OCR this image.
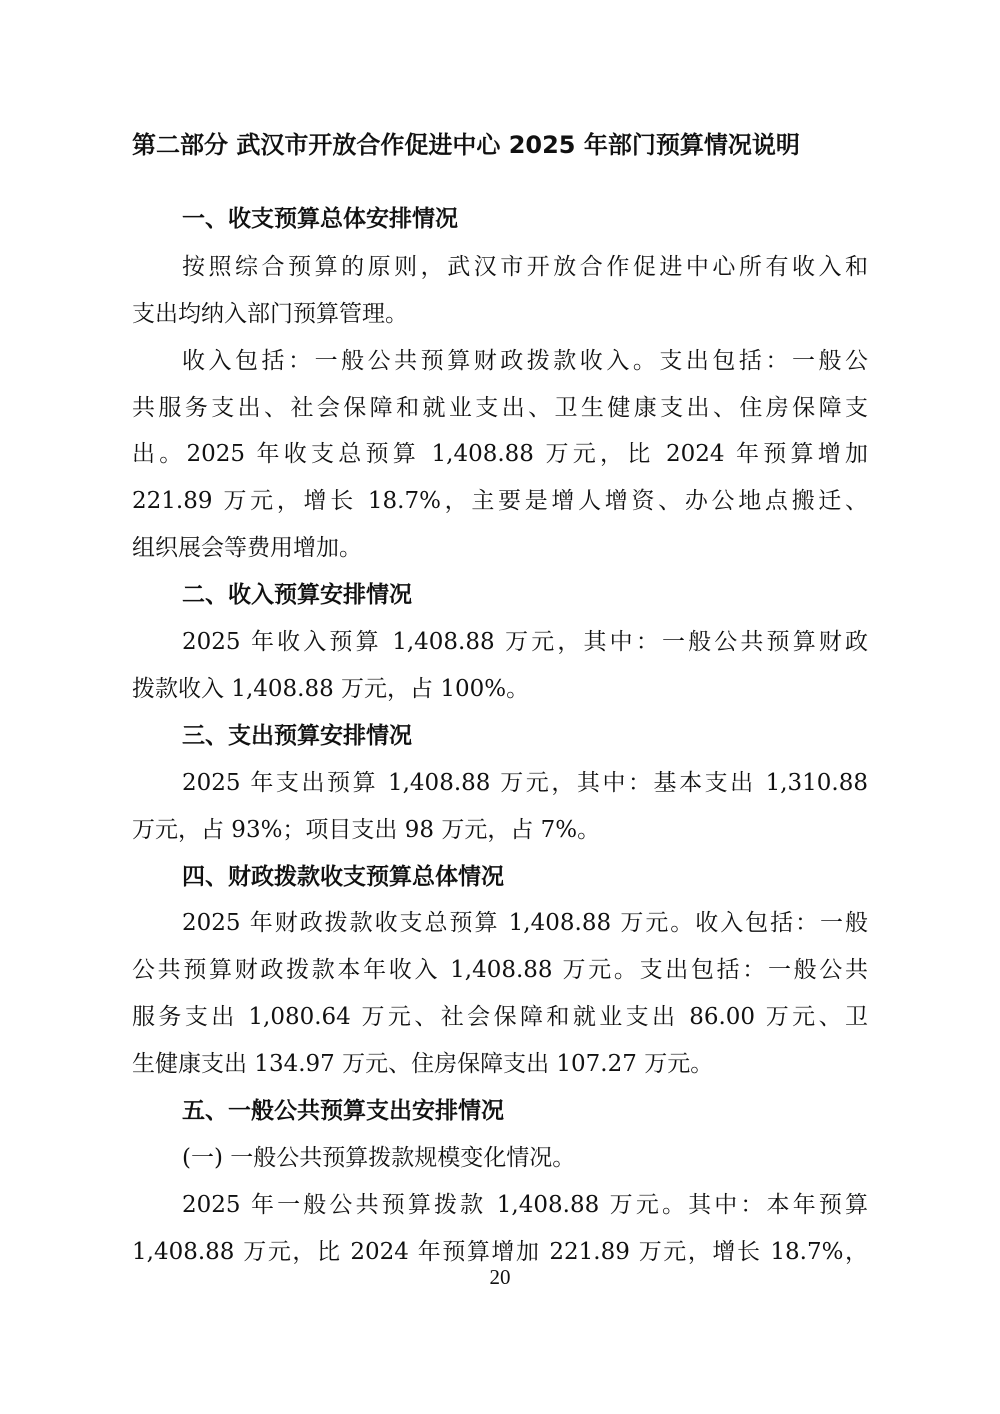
第二部分 武汉市开放合作促进中心 2025 年部门预算情况说明
一、收支预算总体安排情况
按照综合预算的原则，武汉市开放合作促进中心所有收入和
支出均纳入部门预算管理。
收入包括：一般公共预算财政拨款收入。支出包括：一般公
共服务支出、社会保障和就业支出、卫生健康支出、住房保障支
出。2025 年收支总预算 1,408.88 万元，比 2024 年预算增加
221.89 万元，增长 18.7%，主要是增人增资、办公地点搬迁、
组织展会等费用增加。
二、收入预算安排情况
2025 年收入预算 1,408.88 万元，其中：一般公共预算财政
拨款收入 1,408.88 万元，占 100%。
三、支出预算安排情况
2025 年支出预算 1,408.88 万元，其中：基本支出 1,310.88
万元，占 93%；项目支出 98 万元，占 7%。
四、财政拨款收支预算总体情况
2025 年财政拨款收支总预算 1,408.88 万元。收入包括：一般
公共预算财政拨款本年收入 1,408.88 万元。支出包括：一般公共
服务支出 1,080.64 万元、社会保障和就业支出 86.00 万元、卫
生健康支出 134.97 万元、住房保障支出 107.27 万元。
五、一般公共预算支出安排情况
(一) 一般公共预算拨款规模变化情况。
2025 年一般公共预算拨款 1,408.88 万元。其中：本年预算
1,408.88 万元，比 2024 年预算增加 221.89 万元，增长 18.7%，
20
